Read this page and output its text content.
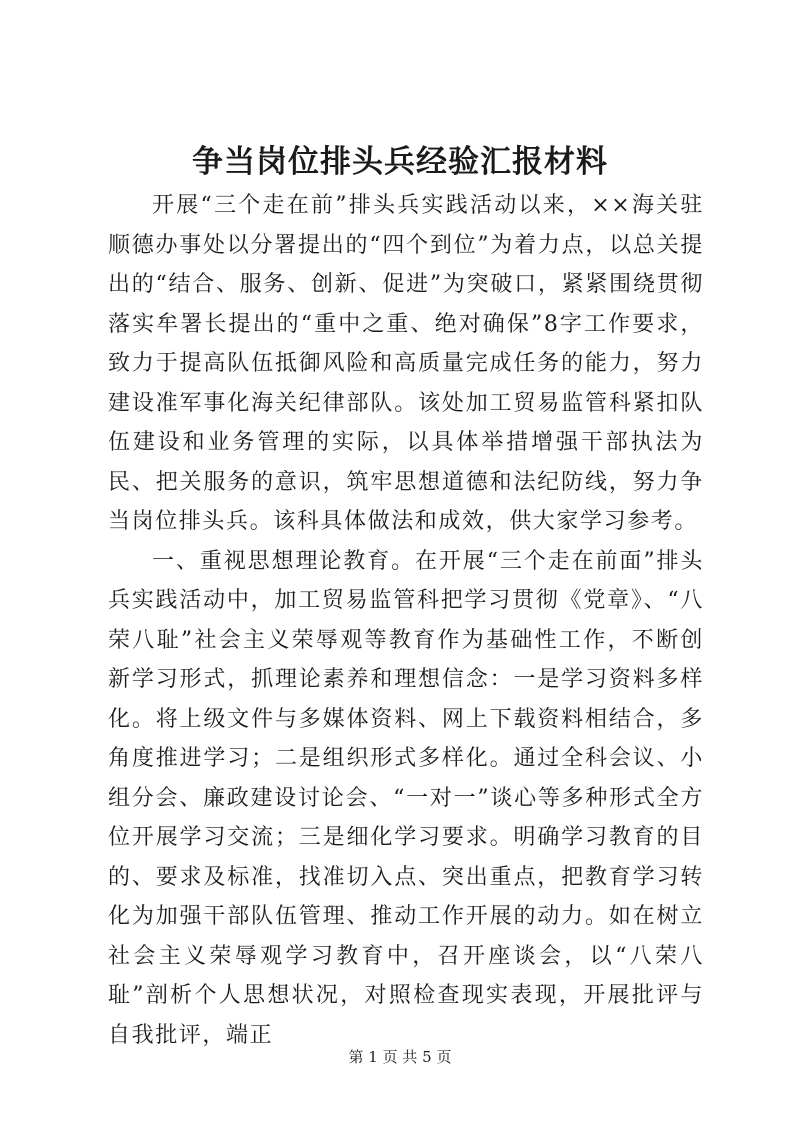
争当岗位排头兵经验汇报材料

开展“三个走在前”排头兵实践活动以来，××海关驻顺德办事处以分署提出的“四个到位”为着力点，以总关提出的“结合、服务、创新、促进”为突破口，紧紧围绕贯彻落实牟署长提出的“重中之重、绝对确保”8字工作要求，致力于提高队伍抵御风险和高质量完成任务的能力，努力建设准军事化海关纪律部队。该处加工贸易监管科紧扣队伍建设和业务管理的实际，以具体举措增强干部执法为民、把关服务的意识，筑牢思想道德和法纪防线，努力争当岗位排头兵。该科具体做法和成效，供大家学习参考。

一、重视思想理论教育。在开展“三个走在前面”排头兵实践活动中，加工贸易监管科把学习贯彻《党章》、“八荣八耻”社会主义荣辱观等教育作为基础性工作，不断创新学习形式，抓理论素养和理想信念：一是学习资料多样化。将上级文件与多媒体资料、网上下载资料相结合，多角度推进学习；二是组织形式多样化。通过全科会议、小组分会、廉政建设讨论会、“一对一”谈心等多种形式全方位开展学习交流；三是细化学习要求。明确学习教育的目的、要求及标准，找准切入点、突出重点，把教育学习转化为加强干部队伍管理、推动工作开展的动力。如在树立社会主义荣辱观学习教育中，召开座谈会，以“八荣八耻”剖析个人思想状况，对照检查现实表现，开展批评与自我批评，端正

第 1 页 共 5 页
